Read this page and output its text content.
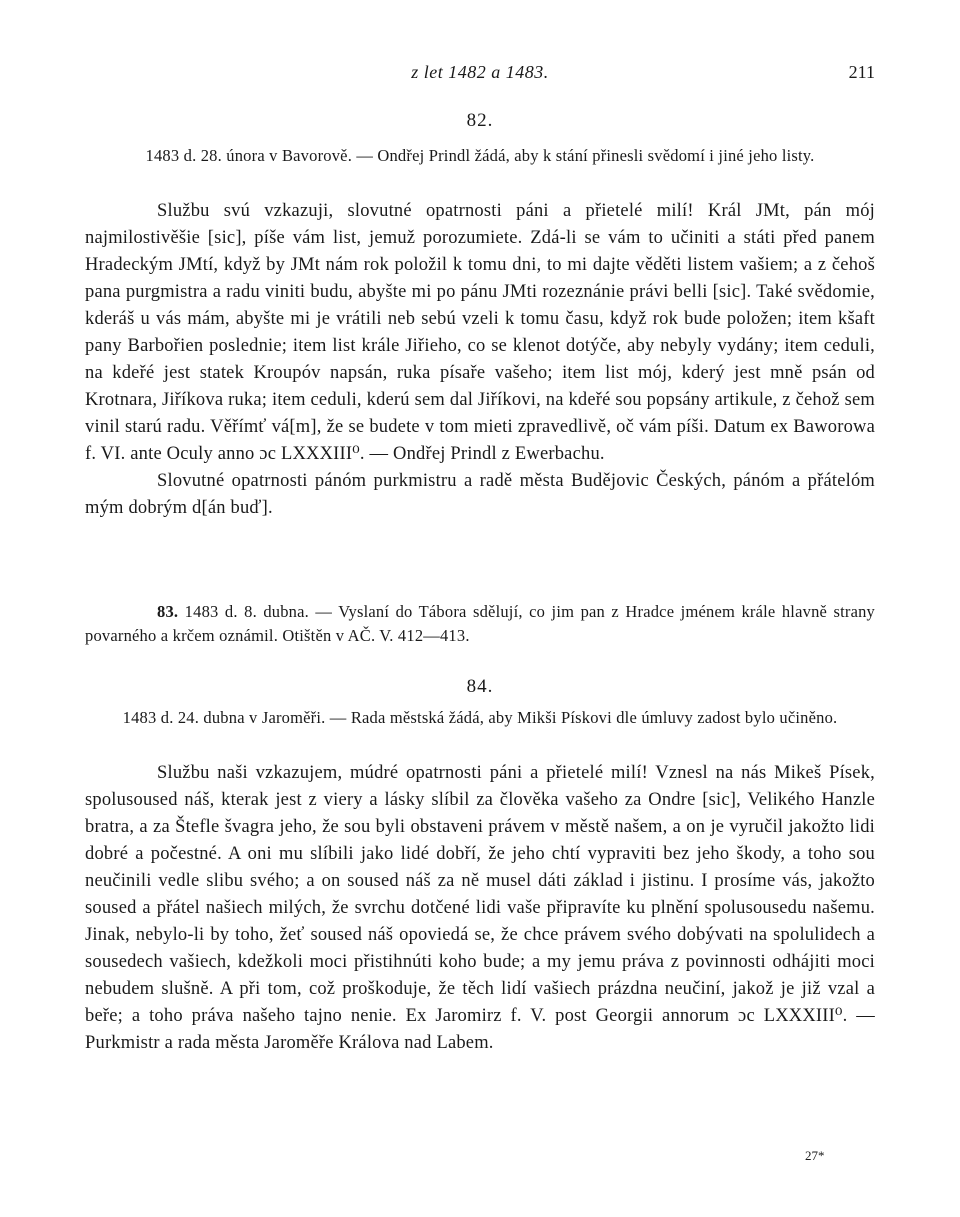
z let 1482 a 1483.	211
82.
1483 d. 28. února v Bavorově. — Ondřej Prindl žádá, aby k stání přinesli svědomí i jiné jeho listy.

Službu svú vzkazuji, slovutné opatrnosti páni a přietelé milí! Král JMt, pán mój najmilostivěšie [sic], píše vám list, jemuž porozumiete. Zdá-li se vám to učiniti a státi před panem Hradeckým JMtí, když by JMt nám rok položil k tomu dni, to mi dajte věděti listem vašiem; a z čehoš pana purgmistra a radu viniti budu, abyšte mi po pánu JMti rozeznánie právi belli [sic]. Také svědomie, kderáš u vás mám, abyšte mi je vrátili neb sebú vzeli k tomu času, když rok bude položen; item kšaft pany Barbořien poslednie; item list krále Jiřieho, co se klenot dotýče, aby nebyly vydány; item ceduli, na kdeřé jest statek Kroupóv napsán, ruka písaře vašeho; item list mój, kderý jest mně psán od Krotnara, Jiříkova ruka; item ceduli, kderú sem dal Jiříkovi, na kdeřé sou popsány artikule, z čehož sem vinil starú radu. Věřímť vá[m], že se budete v tom mieti zpravedlivě, oč vám píši. Datum ex Baworowa f. VI. ante Oculy anno ɔc LXXXIII⁰. — Ondřej Prindl z Ewerbachu.

Slovutné opatrnosti pánóm purkmistru a radě města Budějovic Českých, pánóm a přátelóm mým dobrým d[án buď].

83. 1483 d. 8. dubna. — Vyslaní do Tábora sdělují, co jim pan z Hradce jménem krále hlavně strany povarného a krčem oznámil. Otištěn v AČ. V. 412—413.
84.
1483 d. 24. dubna v Jaroměři. — Rada městská žádá, aby Mikši Pískovi dle úmluvy zadost bylo učiněno.

Službu naši vzkazujem, múdré opatrnosti páni a přietelé milí! Vznesl na nás Mikeš Písek, spolusoused náš, kterak jest z viery a lásky slíbil za člověka vašeho za Ondre [sic], Velikého Hanzle bratra, a za Štefle švagra jeho, že sou byli obstaveni právem v městě našem, a on je vyručil jakožto lidi dobré a počestné. A oni mu slíbili jako lidé dobří, že jeho chtí vypraviti bez jeho škody, a toho sou neučinili vedle slibu svého; a on soused náš za ně musel dáti základ i jistinu. I prosíme vás, jakožto soused a přátel našiech milých, že svrchu dotčené lidi vaše připravíte ku plnění spolusousedu našemu. Jinak, nebylo-li by toho, žeť soused náš opoviedá se, že chce právem svého dobývati na spolulidech a sousedech vašiech, kdežkoli moci přistihnúti koho bude; a my jemu práva z povinnosti odhájiti moci nebudem slušně. A při tom, což proškoduje, že těch lidí vašiech prázdna neučiní, jakož je již vzal a beře; a toho práva našeho tajno nenie. Ex Jaromirz f. V. post Georgii annorum ɔc LXXXIII⁰. — Purkmistr a rada města Jaroměře Králova nad Labem.

27*
